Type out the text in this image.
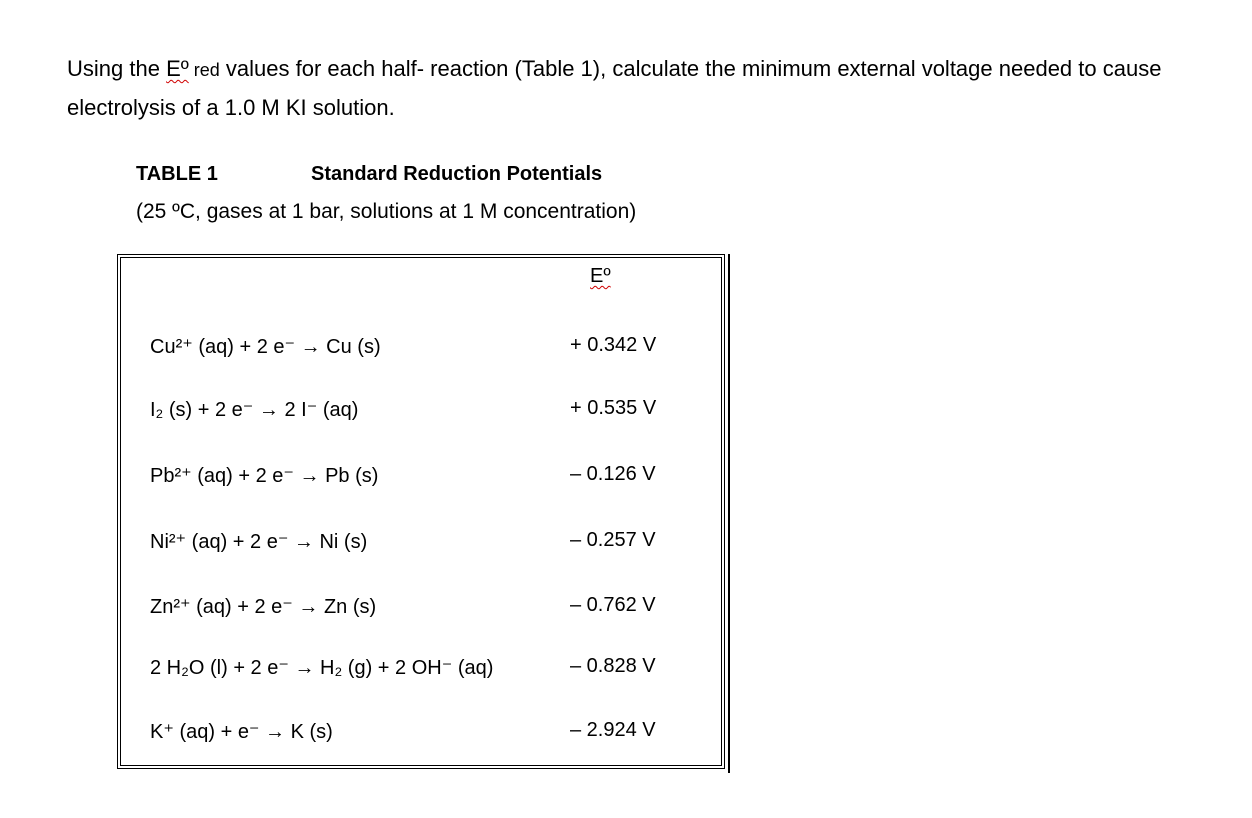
Using the Eº red values for each half- reaction (Table 1), calculate the minimum external voltage needed to cause electrolysis of a 1.0 M KI solution.

TABLE 1	Standard Reduction Potentials
(25 ºC, gases at 1 bar, solutions at 1 M concentration)
Eº
Cu²⁺ (aq) + 2 e⁻ → Cu (s)	+ 0.342 V
I₂ (s) + 2 e⁻ → 2 I⁻ (aq)	+ 0.535 V
Pb²⁺ (aq) + 2 e⁻ → Pb (s)	– 0.126 V
Ni²⁺ (aq) + 2 e⁻ → Ni (s)	– 0.257 V
Zn²⁺ (aq) + 2 e⁻ → Zn (s)	– 0.762 V
2 H₂O (l) + 2 e⁻ → H₂ (g) + 2 OH⁻ (aq)	– 0.828 V
K⁺ (aq) + e⁻ → K (s)	– 2.924 V
